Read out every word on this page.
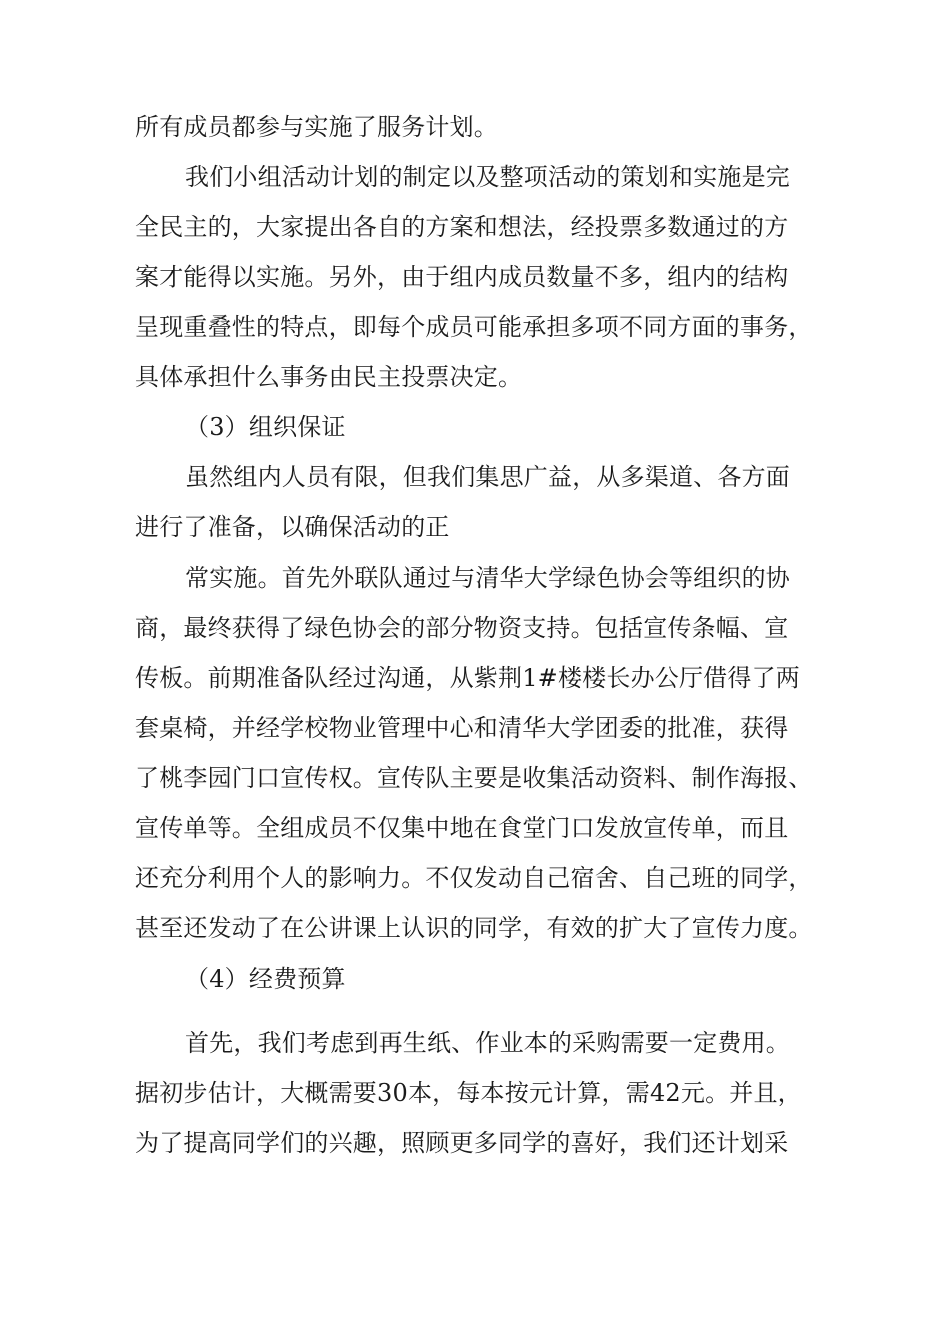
所有成员都参与实施了服务计划。
我们小组活动计划的制定以及整项活动的策划和实施是完
全民主的，大家提出各自的方案和想法，经投票多数通过的方
案才能得以实施。另外，由于组内成员数量不多，组内的结构
呈现重叠性的特点，即每个成员可能承担多项不同方面的事务，
具体承担什么事务由民主投票决定。
（3）组织保证
虽然组内人员有限，但我们集思广益，从多渠道、各方面
进行了准备，以确保活动的正
常实施。首先外联队通过与清华大学绿色协会等组织的协
商，最终获得了绿色协会的部分物资支持。包括宣传条幅、宣
传板。前期准备队经过沟通，从紫荆1#楼楼长办公厅借得了两
套桌椅，并经学校物业管理中心和清华大学团委的批准，获得
了桃李园门口宣传权。宣传队主要是收集活动资料、制作海报、
宣传单等。全组成员不仅集中地在食堂门口发放宣传单，而且
还充分利用个人的影响力。不仅发动自己宿舍、自己班的同学，
甚至还发动了在公讲课上认识的同学，有效的扩大了宣传力度。
（4）经费预算
首先，我们考虑到再生纸、作业本的采购需要一定费用。
据初步估计，大概需要30本，每本按元计算，需42元。并且，
为了提高同学们的兴趣，照顾更多同学的喜好，我们还计划采
